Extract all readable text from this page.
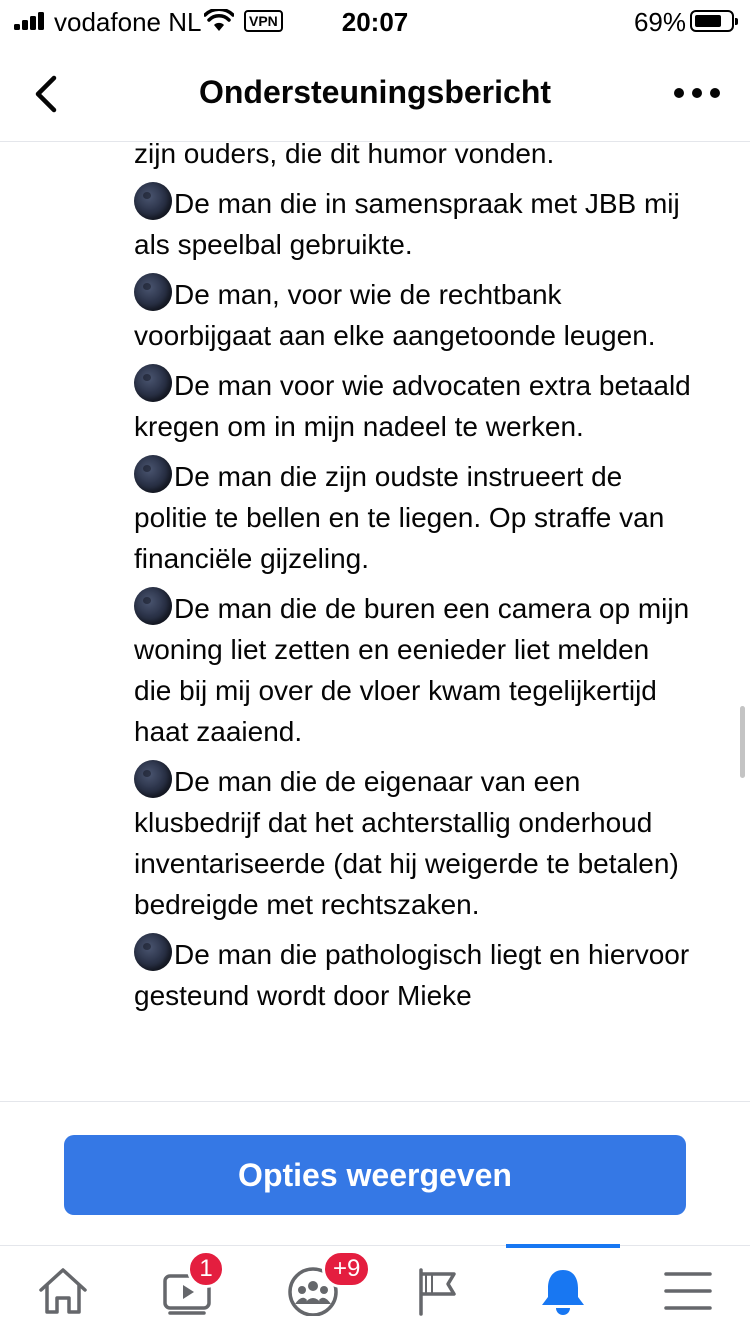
vodafone NL	VPN	20:07	69%
Ondersteuningsbericht
zijn ouders, die dit humor vonden.
De man die in samenspraak met JBB mij als speelbal gebruikte.
De man, voor wie de rechtbank voorbijgaat aan elke aangetoonde leugen.
De man voor wie advocaten extra betaald kregen om in mijn nadeel te werken.
De man die zijn oudste instrueert de politie te bellen en te liegen. Op straffe van financiële gijzeling.
De man die de buren een camera op mijn woning liet zetten en eenieder liet melden die bij mij over de vloer kwam tegelijkertijd haat zaaiend.
De man die de eigenaar van een klusbedrijf dat het achterstallig onderhoud inventariseerde (dat hij weigerde te betalen) bedreigde met rechtszaken.
De man die pathologisch liegt en hiervoor gesteund wordt door Mieke
Opties weergeven
1	+9
